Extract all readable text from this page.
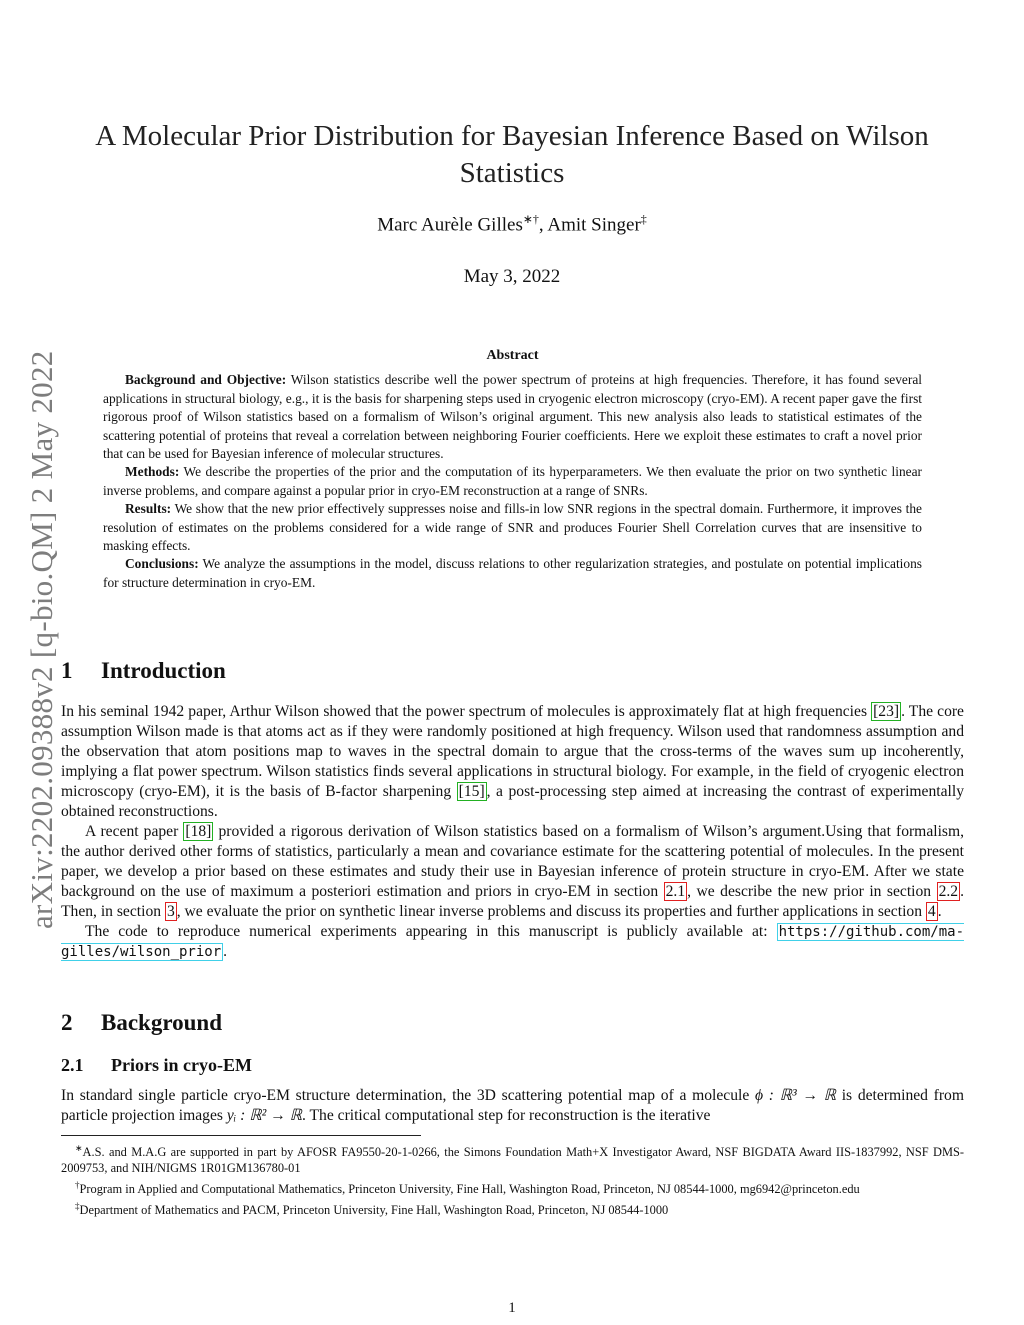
arXiv:2202.09388v2 [q-bio.QM] 2 May 2022
A Molecular Prior Distribution for Bayesian Inference Based on Wilson Statistics
Marc Aurèle Gilles∗†, Amit Singer‡
May 3, 2022
Abstract

Background and Objective: Wilson statistics describe well the power spectrum of proteins at high frequencies. Therefore, it has found several applications in structural biology, e.g., it is the basis for sharpening steps used in cryogenic electron microscopy (cryo-EM). A recent paper gave the first rigorous proof of Wilson statistics based on a formalism of Wilson’s original argument. This new analysis also leads to statistical estimates of the scattering potential of proteins that reveal a correlation between neighboring Fourier coefficients. Here we exploit these estimates to craft a novel prior that can be used for Bayesian inference of molecular structures.

Methods: We describe the properties of the prior and the computation of its hyperparameters. We then evaluate the prior on two synthetic linear inverse problems, and compare against a popular prior in cryo-EM reconstruction at a range of SNRs.

Results: We show that the new prior effectively suppresses noise and fills-in low SNR regions in the spectral domain. Furthermore, it improves the resolution of estimates on the problems considered for a wide range of SNR and produces Fourier Shell Correlation curves that are insensitive to masking effects.

Conclusions: We analyze the assumptions in the model, discuss relations to other regularization strategies, and postulate on potential implications for structure determination in cryo-EM.

1 Introduction

In his seminal 1942 paper, Arthur Wilson showed that the power spectrum of molecules is approximately flat at high frequencies [23] . The core assumption Wilson made is that atoms act as if they were randomly positioned at high frequency. Wilson used that randomness assumption and the observation that atom positions map to waves in the spectral domain to argue that the cross-terms of the waves sum up incoherently, implying a flat power spectrum. Wilson statistics finds several applications in structural biology. For example, in the field of cryogenic electron microscopy (cryo-EM), it is the basis of B-factor sharpening [15] , a post-processing step aimed at increasing the contrast of experimentally obtained reconstructions.

A recent paper [18] provided a rigorous derivation of Wilson statistics based on a formalism of Wilson’s argument.Using that formalism, the author derived other forms of statistics, particularly a mean and covariance estimate for the scattering potential of molecules. In the present paper, we develop a prior based on these estimates and study their use in Bayesian inference of protein structure in cryo-EM. After we state background on the use of maximum a posteriori estimation and priors in cryo-EM in section 2.1 , we describe the new prior in section 2.2 . Then, in section 3 , we evaluate the prior on synthetic linear inverse problems and discuss its properties and further applications in section 4 .

The code to reproduce numerical experiments appearing in this manuscript is publicly available at: https://github.com/ma-gilles/wilson_prior .

2 Background
2.1 Priors in cryo-EM

In standard single particle cryo-EM structure determination, the 3D scattering potential map of a molecule ϕ : ℝ³ → ℝ is determined from particle projection images yᵢ : ℝ² → ℝ. The critical computational step for reconstruction is the iterative

∗A.S. and M.A.G are supported in part by AFOSR FA9550-20-1-0266, the Simons Foundation Math+X Investigator Award, NSF BIGDATA Award IIS-1837992, NSF DMS-2009753, and NIH/NIGMS 1R01GM136780-01

†Program in Applied and Computational Mathematics, Princeton University, Fine Hall, Washington Road, Princeton, NJ 08544-1000, mg6942@princeton.edu

‡Department of Mathematics and PACM, Princeton University, Fine Hall, Washington Road, Princeton, NJ 08544-1000

1
